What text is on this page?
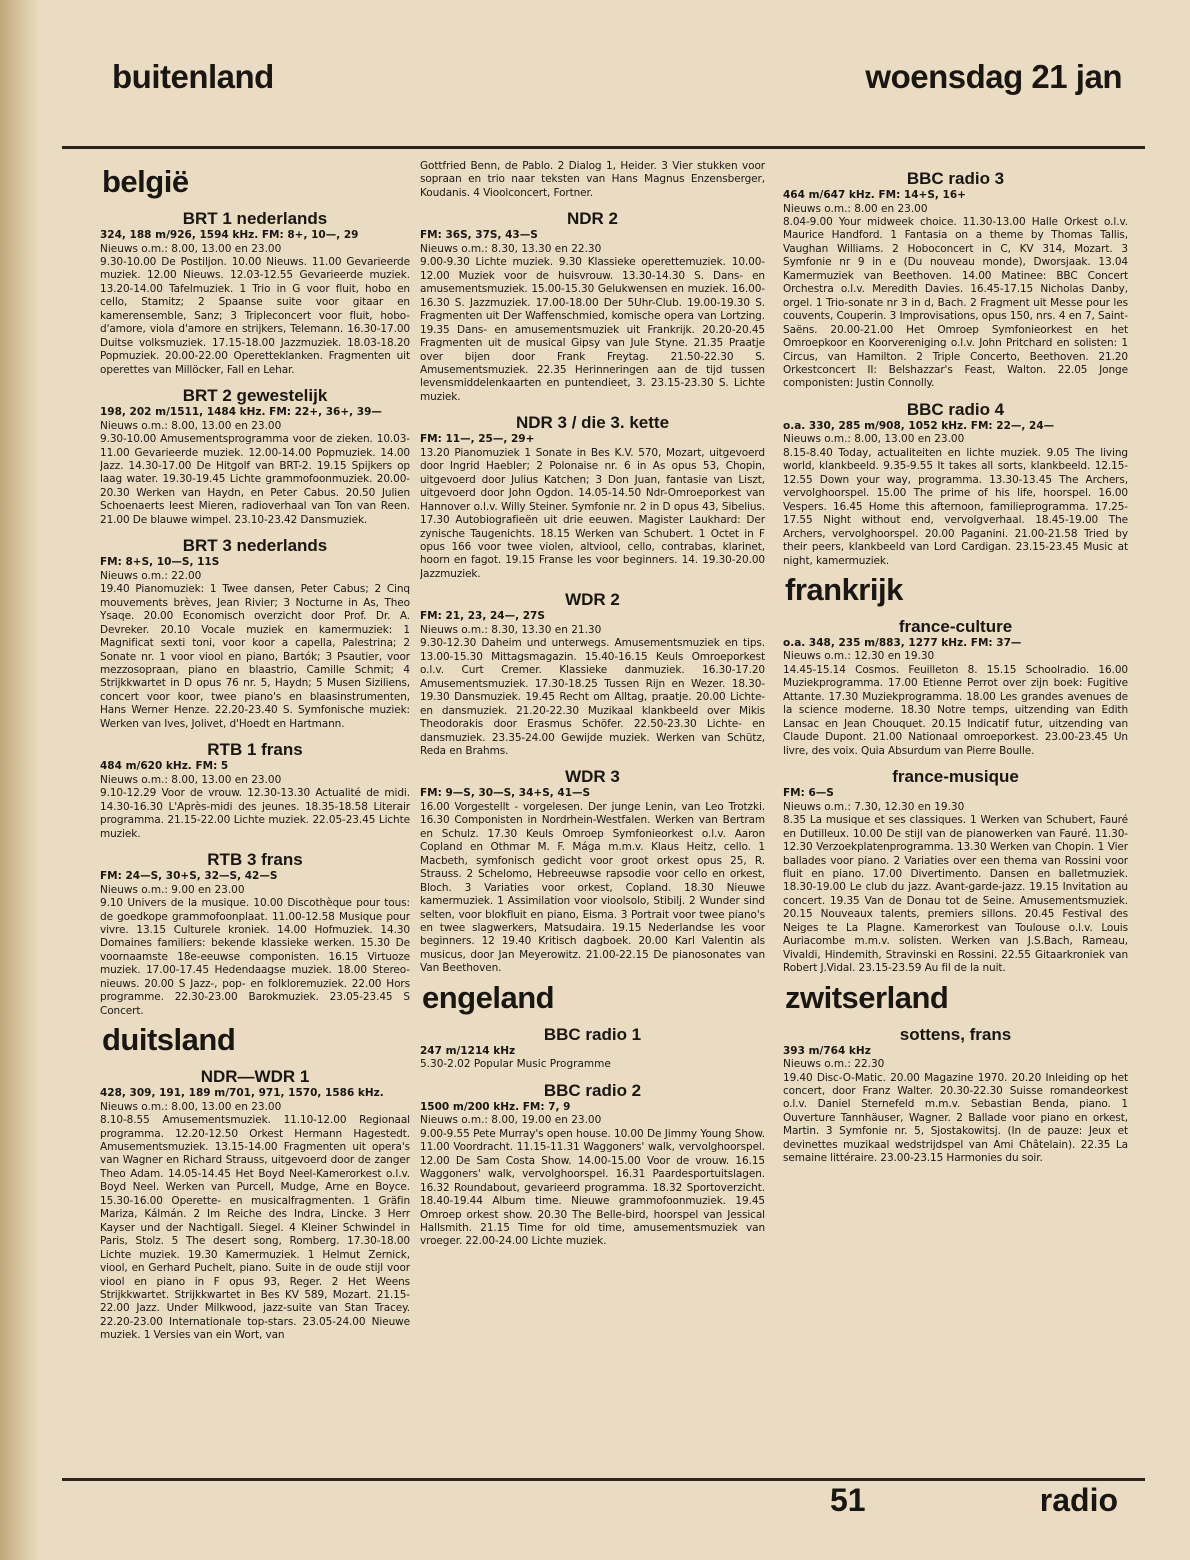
buitenland	woensdag 21 jan
belgië
BRT 1 nederlands
324, 188 m/926, 1594 kHz. FM: 8+, 10—, 29
Nieuws o.m.: 8.00, 13.00 en 23.00
9.30-10.00 De Postiljon. 10.00 Nieuws. 11.00 Gevarieerde muziek. 12.00 Nieuws. 12.03-12.55 Gevarieerde muziek. 13.20-14.00 Tafelmuziek. 1 Trio in G voor fluit, hobo en cello, Stamitz; 2 Spaanse suite voor gitaar en kamerensemble, Sanz; 3 Tripleconcert voor fluit, hobo-d'amore, viola d'amore en strijkers, Telemann. 16.30-17.00 Duitse volksmuziek. 17.15-18.00 Jazzmuziek. 18.03-18.20 Popmuziek. 20.00-22.00 Operetteklanken. Fragmenten uit operettes van Millöcker, Fall en Lehar.
BRT 2 gewestelijk
198, 202 m/1511, 1484 kHz. FM: 22+, 36+, 39—
Nieuws o.m.: 8.00, 13.00 en 23.00
9.30-10.00 Amusementsprogramma voor de zieken. 10.03-11.00 Gevarieerde muziek. 12.00-14.00 Popmuziek. 14.00 Jazz. 14.30-17.00 De Hitgolf van BRT-2. 19.15 Spijkers op laag water. 19.30-19.45 Lichte grammofoonmuziek. 20.00-20.30 Werken van Haydn, en Peter Cabus. 20.50 Julien Schoenaerts leest Mieren, radioverhaal van Ton van Reen. 21.00 De blauwe wimpel. 23.10-23.42 Dansmuziek.
BRT 3 nederlands
FM: 8+S, 10—S, 11S
Nieuws o.m.: 22.00
19.40 Pianomuziek: 1 Twee dansen, Peter Cabus; 2 Cinq mouvements brèves, Jean Rivier; 3 Nocturne in As, Theo Ysaqe. 20.00 Economisch overzicht door Prof. Dr. A. Devreker. 20.10 Vocale muziek en kamermuziek: 1 Magnificat sexti toni, voor koor a capella, Palestrina; 2 Sonate nr. 1 voor viool en piano, Bartók; 3 Psautier, voor mezzosopraan, piano en blaastrio, Camille Schmit; 4 Strijkkwartet in D opus 76 nr. 5, Haydn; 5 Musen Siziliens, concert voor koor, twee piano's en blaasinstrumenten, Hans Werner Henze. 22.20-23.40 S. Symfonische muziek: Werken van Ives, Jolivet, d'Hoedt en Hartmann.
RTB 1 frans
484 m/620 kHz. FM: 5
Nieuws o.m.: 8.00, 13.00 en 23.00
9.10-12.29 Voor de vrouw. 12.30-13.30 Actualité de midi. 14.30-16.30 L'Après-midi des jeunes. 18.35-18.58 Literair programma. 21.15-22.00 Lichte muziek. 22.05-23.45 Lichte muziek.
RTB 3 frans
FM: 24—S, 30+S, 32—S, 42—S
Nieuws o.m.: 9.00 en 23.00
9.10 Univers de la musique. 10.00 Discothèque pour tous: de goedkope grammofoonplaat. 11.00-12.58 Musique pour vivre. 13.15 Culturele kroniek. 14.00 Hofmuziek. 14.30 Domaines familiers: bekende klassieke werken. 15.30 De voornaamste 18e-eeuwse componisten. 16.15 Virtuoze muziek. 17.00-17.45 Hedendaagse muziek. 18.00 Stereo-nieuws. 20.00 S Jazz-, pop- en folkloremuziek. 22.00 Hors programme. 22.30-23.00 Barokmuziek. 23.05-23.45 S Concert.
duitsland
NDR—WDR 1
428, 309, 191, 189 m/701, 971, 1570, 1586 kHz.
Nieuws o.m.: 8.00, 13.00 en 23.00
8.10-8.55 Amusementsmuziek. 11.10-12.00 Regionaal programma. 12.20-12.50 Orkest Hermann Hagestedt. Amusementsmuziek. 13.15-14.00 Fragmenten uit opera's van Wagner en Richard Strauss, uitgevoerd door de zanger Theo Adam. 14.05-14.45 Het Boyd Neel-Kamerorkest o.l.v. Boyd Neel. Werken van Purcell, Mudge, Arne en Boyce. 15.30-16.00 Operette- en musicalfragmenten. 1 Gräfin Mariza, Kálmán. 2 Im Reiche des Indra, Lincke. 3 Herr Kayser und der Nachtigall. Siegel. 4 Kleiner Schwindel in Paris, Stolz. 5 The desert song, Romberg. 17.30-18.00 Lichte muziek. 19.30 Kamermuziek. 1 Helmut Zernick, viool, en Gerhard Puchelt, piano. Suite in de oude stijl voor viool en piano in F opus 93, Reger. 2 Het Weens Strijkkwartet. Strijkkwartet in Bes KV 589, Mozart. 21.15-22.00 Jazz. Under Milkwood, jazz-suite van Stan Tracey. 22.20-23.00 Internationale top-stars. 23.05-24.00 Nieuwe muziek. 1 Versies van ein Wort, van
Gottfried Benn, de Pablo. 2 Dialog 1, Heider. 3 Vier stukken voor sopraan en trio naar teksten van Hans Magnus Enzensberger, Koudanis. 4 Vioolconcert, Fortner.
NDR 2
FM: 36S, 37S, 43—S
Nieuws o.m.: 8.30, 13.30 en 22.30
9.00-9.30 Lichte muziek. 9.30 Klassieke operettemuziek. 10.00-12.00 Muziek voor de huisvrouw. 13.30-14.30 S. Dans- en amusementsmuziek. 15.00-15.30 Gelukwensen en muziek. 16.00-16.30 S. Jazzmuziek. 17.00-18.00 Der 5Uhr-Club. 19.00-19.30 S. Fragmenten uit Der Waffenschmied, komische opera van Lortzing. 19.35 Dans- en amusementsmuziek uit Frankrijk. 20.20-20.45 Fragmenten uit de musical Gipsy van Jule Styne. 21.35 Praatje over bijen door Frank Freytag. 21.50-22.30 S. Amusementsmuziek. 22.35 Herinneringen aan de tijd tussen levensmiddelenkaarten en puntendieet, 3. 23.15-23.30 S. Lichte muziek.
NDR 3 / die 3. kette
FM: 11—, 25—, 29+
13.20 Pianomuziek 1 Sonate in Bes K.V. 570, Mozart, uitgevoerd door Ingrid Haebler; 2 Polonaise nr. 6 in As opus 53, Chopin, uitgevoerd door Julius Katchen; 3 Don Juan, fantasie van Liszt, uitgevoerd door John Ogdon. 14.05-14.50 Ndr-Omroeporkest van Hannover o.l.v. Willy Steiner. Symfonie nr. 2 in D opus 43, Sibelius. 17.30 Autobiografieën uit drie eeuwen. Magister Laukhard: Der zynische Taugenichts. 18.15 Werken van Schubert. 1 Octet in F opus 166 voor twee violen, altviool, cello, contrabas, klarinet, hoorn en fagot. 19.15 Franse les voor beginners. 14. 19.30-20.00 Jazzmuziek.
WDR 2
FM: 21, 23, 24—, 27S
Nieuws o.m.: 8.30, 13.30 en 21.30
9.30-12.30 Daheim und unterwegs. Amusementsmuziek en tips. 13.00-15.30 Mittagsmagazin. 15.40-16.15 Keuls Omroeporkest o.l.v. Curt Cremer. Klassieke danmuziek. 16.30-17.20 Amusementsmuziek. 17.30-18.25 Tussen Rijn en Wezer. 18.30-19.30 Dansmuziek. 19.45 Recht om Alltag, praatje. 20.00 Lichte- en dansmuziek. 21.20-22.30 Muzikaal klankbeeld over Mikis Theodorakis door Erasmus Schöfer. 22.50-23.30 Lichte- en dansmuziek. 23.35-24.00 Gewijde muziek. Werken van Schütz, Reda en Brahms.
WDR 3
FM: 9—S, 30—S, 34+S, 41—S
16.00 Vorgestellt - vorgelesen. Der junge Lenin, van Leo Trotzki. 16.30 Componisten in Nordrhein-Westfalen. Werken van Bertram en Schulz. 17.30 Keuls Omroep Symfonieorkest o.l.v. Aaron Copland en Othmar M. F. Mága m.m.v. Klaus Heitz, cello. 1 Macbeth, symfonisch gedicht voor groot orkest opus 25, R. Strauss. 2 Schelomo, Hebreeuwse rapsodie voor cello en orkest, Bloch. 3 Variaties voor orkest, Copland. 18.30 Nieuwe kamermuziek. 1 Assimilation voor vioolsolo, Stibilj. 2 Wunder sind selten, voor blokfluit en piano, Eisma. 3 Portrait voor twee piano's en twee slagwerkers, Matsudaira. 19.15 Nederlandse les voor beginners. 12 19.40 Kritisch dagboek. 20.00 Karl Valentin als musicus, door Jan Meyerowitz. 21.00-22.15 De pianosonates van Van Beethoven.
engeland
BBC radio 1
247 m/1214 kHz
5.30-2.02 Popular Music Programme
BBC radio 2
1500 m/200 kHz. FM: 7, 9
Nieuws o.m.: 8.00, 19.00 en 23.00
9.00-9.55 Pete Murray's open house. 10.00 De Jimmy Young Show. 11.00 Voordracht. 11.15-11.31 Waggoners' walk, vervolghoorspel. 12.00 De Sam Costa Show. 14.00-15.00 Voor de vrouw. 16.15 Waggoners' walk, vervolghoorspel. 16.31 Paardesportuitslagen. 16.32 Roundabout, gevarieerd programma. 18.32 Sportoverzicht. 18.40-19.44 Album time. Nieuwe grammofoonmuziek. 19.45 Omroep orkest show. 20.30 The Belle-bird, hoorspel van Jessical Hallsmith. 21.15 Time for old time, amusementsmuziek van vroeger. 22.00-24.00 Lichte muziek.
BBC radio 3
464 m/647 kHz. FM: 14+S, 16+
Nieuws o.m.: 8.00 en 23.00
8.04-9.00 Your midweek choice. 11.30-13.00 Halle Orkest o.l.v. Maurice Handford. 1 Fantasia on a theme by Thomas Tallis, Vaughan Williams. 2 Hoboconcert in C, KV 314, Mozart. 3 Symfonie nr 9 in e (Du nouveau monde), Dworsjaak. 13.04 Kamermuziek van Beethoven. 14.00 Matinee: BBC Concert Orchestra o.l.v. Meredith Davies. 16.45-17.15 Nicholas Danby, orgel. 1 Trio-sonate nr 3 in d, Bach. 2 Fragment uit Messe pour les couvents, Couperin. 3 Improvisations, opus 150, nrs. 4 en 7, Saint-Saëns. 20.00-21.00 Het Omroep Symfonieorkest en het Omroepkoor en Koorvereniging o.l.v. John Pritchard en solisten: 1 Circus, van Hamilton. 2 Triple Concerto, Beethoven. 21.20 Orkestconcert II: Belshazzar's Feast, Walton. 22.05 Jonge componisten: Justin Connolly.
BBC radio 4
o.a. 330, 285 m/908, 1052 kHz. FM: 22—, 24—
Nieuws o.m.: 8.00, 13.00 en 23.00
8.15-8.40 Today, actualiteiten en lichte muziek. 9.05 The living world, klankbeeld. 9.35-9.55 It takes all sorts, klankbeeld. 12.15-12.55 Down your way, programma. 13.30-13.45 The Archers, vervolghoorspel. 15.00 The prime of his life, hoorspel. 16.00 Vespers. 16.45 Home this afternoon, familieprogramma. 17.25-17.55 Night without end, vervolgverhaal. 18.45-19.00 The Archers, vervolghoorspel. 20.00 Paganini. 21.00-21.58 Tried by their peers, klankbeeld van Lord Cardigan. 23.15-23.45 Music at night, kamermuziek.
frankrijk
france-culture
o.a. 348, 235 m/883, 1277 kHz. FM: 37—
Nieuws o.m.: 12.30 en 19.30
14.45-15.14 Cosmos. Feuilleton 8. 15.15 Schoolradio. 16.00 Muziekprogramma. 17.00 Etienne Perrot over zijn boek: Fugitive Attante. 17.30 Muziekprogramma. 18.00 Les grandes avenues de la science moderne. 18.30 Notre temps, uitzending van Edith Lansac en Jean Chouquet. 20.15 Indicatif futur, uitzending van Claude Dupont. 21.00 Nationaal omroeporkest. 23.00-23.45 Un livre, des voix. Quia Absurdum van Pierre Boulle.
france-musique
FM: 6—S
Nieuws o.m.: 7.30, 12.30 en 19.30
8.35 La musique et ses classiques. 1 Werken van Schubert, Fauré en Dutilleux. 10.00 De stijl van de pianowerken van Fauré. 11.30-12.30 Verzoekplatenprogramma. 13.30 Werken van Chopin. 1 Vier ballades voor piano. 2 Variaties over een thema van Rossini voor fluit en piano. 17.00 Divertimento. Dansen en balletmuziek. 18.30-19.00 Le club du jazz. Avant-garde-jazz. 19.15 Invitation au concert. 19.35 Van de Donau tot de Seine. Amusementsmuziek. 20.15 Nouveaux talents, premiers sillons. 20.45 Festival des Neiges te La Plagne. Kamerorkest van Toulouse o.l.v. Louis Auriacombe m.m.v. solisten. Werken van J.S.Bach, Rameau, Vivaldi, Hindemith, Stravinski en Rossini. 22.55 Gitaarkroniek van Robert J.Vidal. 23.15-23.59 Au fil de la nuit.
zwitserland
sottens, frans
393 m/764 kHz
Nieuws o.m.: 22.30
19.40 Disc-O-Matic. 20.00 Magazine 1970. 20.20 Inleiding op het concert, door Franz Walter. 20.30-22.30 Suisse romandeorkest o.l.v. Daniel Sternefeld m.m.v. Sebastian Benda, piano. 1 Ouverture Tannhäuser, Wagner. 2 Ballade voor piano en orkest, Martin. 3 Symfonie nr. 5, Sjostakowitsj. (In de pauze: Jeux et devinettes muzikaal wedstrijdspel van Ami Châtelain). 22.35 La semaine littéraire. 23.00-23.15 Harmonies du soir.
51	radio
